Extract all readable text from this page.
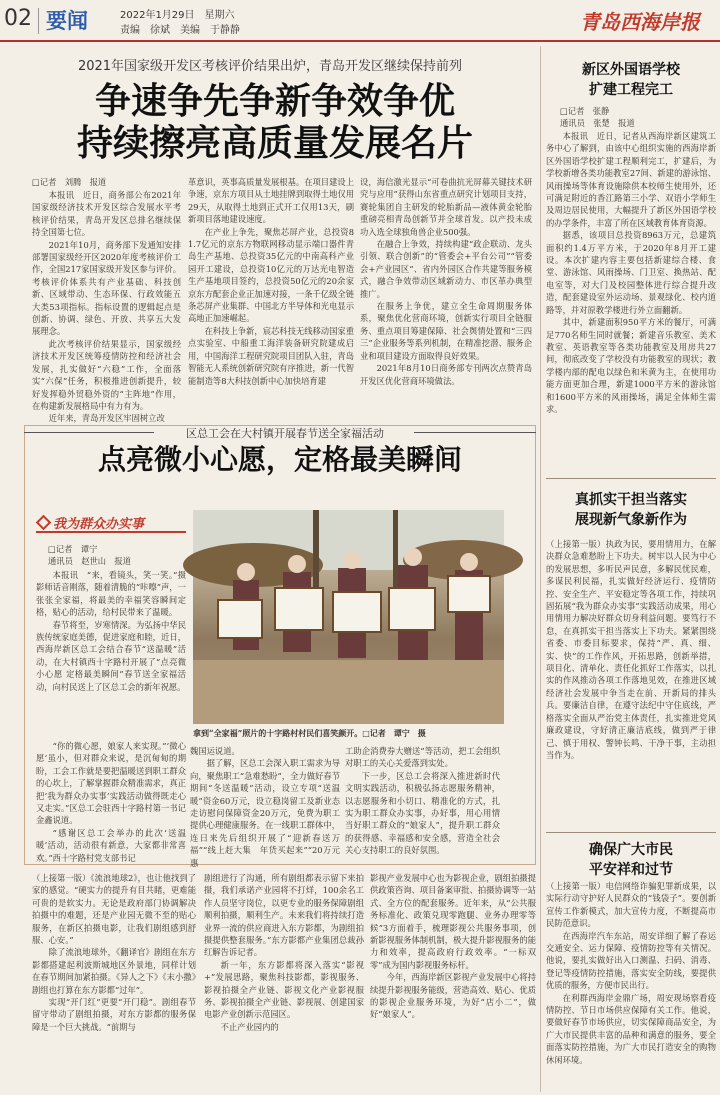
02 要闻	2022年1月29日　 星期六
责编　徐斌　美编　于静静	青岛西海岸报
2021年国家级开发区考核评价结果出炉，青岛开发区继续保持前列
争速争先争新争效争优
持续擦亮高质量发展名片
□记者　刘腾　报道

本报讯　近日，商务部公布2021年国家级经济技术开发区综合发展水平考核评价结果，青岛开发区总排名继续保持全国第七位。

2021年10月，商务部下发通知安排部署国家级经开区2020年度考核评价工作，全国217家国家级开发区参与评价。考核评价体系共有产业基础、科技创新、区域带动、生态环保、行政效能五大类53项指标。指标设置的逻辑起点是创新、协调、绿色、开放、共享五大发展理念。

此次考核评价结果显示，国家级经济技术开发区统筹疫情防控和经济社会发展，扎实做好“六稳”工作，全面落实“六保”任务，积极推进创新提升，较好发挥稳外贸稳外资的“主阵地”作用，在构建新发展格局中有力有为。

近年来，青岛开发区牢固树立改

革意识，英事高质量发展根基。在项目建设上争速，京东方项目从土地挂牌到取得土地仅用29天，从取得土地到正式开工仅用13天，刷新项目落地建设速度。

在产业上争先，聚焦芯屏产业，总投资81.7亿元的京东方物联网移动显示端口器件青岛生产基地、总投资35亿元的中南高科产业园开工建设，总投资10亿元的万达光电智造生产基地项目签约，总投资50亿元的20余家京东方配套企业正加速对接，一条千亿级全链条芯屏产业集群、中国北方半导体和光电显示高地正加速崛起。

在科技上争新，宸芯科技无线移动国家重点实验室、中船重工海洋装备研究院建成启用，中国海洋工程研究院项目团队入驻，青岛智能无人系统创新研究院有序推进，新一代智能制造等8大科技创新中心加快培育建

设，海信激光显示“可卷曲抗光屏幕关键技术研究与应用”获得山东省重点研究计划项目支持，赛轮集团自主研发的轮胎新品—液体黄金轮胎重磅亮相青岛创新节并全球首发。以产投未成功入选全球独角兽企业500强。

在融合上争效，持续构建“政企联动、龙头引领、联合创新”的“管委会+平台公司”“管委会+产业园区”、省内外园区合作共建等服务模式，融合争效带动区域新动力、市区革办典型推广。

在服务上争优，建立全生命周期服务体系，聚焦优化营商环境，创新实行项目全链服务、重点项目筹建保障、社会舆情处置和“三四三”企业服务等系列机制，在精准挖潜、服务企业和项目建设方面取得良好效果。

2021年8月10日商务部专刊两次点赞青岛开发区优化营商环境做法。

新区外国语学校
扩建工程完工
□记者　张静
通讯员　张楚　报道

本报讯　近日，记者从西海岸新区建筑工务中心了解到，由该中心组织实施的西海岸新区外国语学校扩建工程顺利完工，扩建后，为学校新增各类功能教室27间、新建的游泳馆、风雨操场等体育设施除供本校师生使用外，还可满足附近的香江路第三小学、双语小学师生及周边居民使用，大幅提升了新区外国语学校的办学条件，丰富了所在区域教育体育资源。

据悉，该项目总投资8963万元，总建筑面积约1.4万平方米，于2020年8月开工建设。本次扩建内容主要包括新建综合楼、食堂、游泳馆、风雨操场、门卫室、换热站、配电室等，对大门及校园整体进行综合提升改造，配套建设室外运动场、景观绿化、校内道路等，并对原教学楼进行外立面翻新。

其中，新建面积950平方米的餐厅，可满足770名师生同时就餐；新建音乐教室、美术教室、英语教室等各类功能教室及用房共27间，彻底改变了学校没有功能教室的现状；教学楼内部的配电以绿色和米黄为主，在使用功能方面更加合理，新建1000平方米的游泳馆和1600平方米的风雨操场，满足全体师生需求。

真抓实干担当落实
展现新气象新作为

（上接第一版）执政为民，要用情用力，在解决群众急难愁盼上下功夫。树牢以人民为中心的发展思想，多听民声民意，多解民忧民难，多谋民利民福，扎实做好经济运行、疫情防控、安全生产、平安稳定等各项工作，持续巩固拓展“我为群众办实事”实践活动成果，用心用情用力解决好群众切身利益问题。要笃行不怠，在真抓实干担当落实上下功夫。紧紧围绕省委、市委目标要求，保持“严、真、细、实、快”的工作作风，开拓思路，创新举措，项目化、清单化、责任化抓好工作落实，以扎实的作风推动各项工作落地见效，在推进区域经济社会发展中争当走在前、开新局的排头兵。要廉洁自律，在遵守法纪中守住底线，严格落实全面从严治党主体责任，扎实推进党风廉政建设，守好清正廉洁底线，做到严于律己、慎于用权、警钟长鸣、干净干事，主动担当作为。

确保广大市民
平安祥和过节

（上接第一版）电信网络诈骗犯罪新成果，以实际行动守护好人民群众的“钱袋子”。要创新宣传工作新模式，加大宣传力度，不断提高市民防范意识。

在西海岸汽车东站，周安详细了解了春运交通安全、运力保障、疫情防控等有关情况。他说，要扎实做好出入口测温、扫码、消毒、登记等疫情防控措施，落实安全防线，要提供优质的服务，方便市民出行。

在利群西海岸金鼎广场，周安现场察看疫情防控、节日市场供应保障有关工作。他说，要做好春节市场供应，切实保障商品安全，为广大市民提供丰富的品种和满意的服务，要全面落实防控措施，为广大市民打造安全的购物休闲环境。

区总工会在大村镇开展春节送全家福活动
点亮微小心愿，定格最美瞬间
我为群众办实事
□记者　谭宁
通讯员　赵世山　报道

本报讯　“来，看镜头，笑一笑。”摄影师话音刚落，随着清脆的“咔嚓”声，一张张全家福，将最美的幸福笑容瞬间定格，贴心的活动，给村民带来了温暖。

春节将至，岁寒情深。为弘扬中华民族传统家庭美德，促进家庭和睦，近日，西海岸新区总工会结合春节“送温暖”活动，在大村镇西十字路村开展了“点亮微小心愿 定格最美瞬间”春节送全家福活动，向村民送上了区总工会的新年祝愿。

拿到“全家福”照片的十字路村村民们喜笑颜开。□记者　谭宁　摄

“你的微心愿，娘家人来实现。”‘微心愿’虽小，但对群众来说，是沉甸甸的期盼，工会工作就是要把温暖送到职工群众的心坎上，了解掌握群众精准需求，真正把‘我为群众办实事’实践活动做得既走心又走实。”区总工会驻西十字路村第一书记金鑫说道。

“感谢区总工会举办的此次‘送温暖’活动，活动很有新意，大家都非常喜欢。”西十字路村党支部书记

魏国运说道。

据了解，区总工会深入职工需求为导向，聚焦职工“急难愁盼”，全力做好春节期间“冬送温暖”活动，设立专项“送温暖”资金60万元，设立稳岗留工及新业态走访慰问保障资金20万元，免费为职工提供心理健康服务。在一线职工群体中，连日来先后组织开展了“迎新春送万福”“线上赶大集　年货买起来”“20万元惠

工助企消费券大赠送”等活动，把工会组织对职工的关心关爱落到实处。

下一步，区总工会将深入推进新时代文明实践活动，积极弘扬志愿服务精神，以志愿服务和小切口、精准化的方式，扎实为职工群众办实事，办好事，用心用情当好职工群众的“娘家人”，提升职工群众的获得感、幸福感和安全感，营造全社会关心支持职工的良好氛围。

（上接第一版）《流浪地球2》，也让他找到了家的感觉。“硬实力的提升有目共睹，更难能可贵的是软实力。无论是政府部门协调解决拍摄中的难题，还是产业园无微不至的贴心服务，在新区拍摄电影，让我们剧组感到舒服、心安。”

除了流浪地球外，《翻译官》剧组在东方影都搭建起利波斯城地区外景地，同样计划在春节期间加紧拍摄。《异人之下》《末小撒》剧组也打算在东方影都“过年”。

实现“开门红”更要“开门稳”。剧组春节留守带动了剧组拍摄，对东方影都的服务保障是一个巨大挑战。“前期与

剧组进行了沟通，所有剧组都表示留下来拍摄，我们承诺产业园将不打烊，100余名工作人员坚守岗位，以更专业的服务保障剧组顺利拍摄，顺利生产。未来我们将持续打造业界一流的供应商进入东方影都，为剧组拍摄提供整套服务。”东方影都产业集团总裁孙红解告诉记者。

新一年，东方影都将深入落实“影视+”发展思路，聚焦科技影都，影视服务、影视拍摄全产业链、影视文化产业影视服务、影视拍摄全产业链、影视展、创建国家电影产业创新示范园区。

不止产业园内的

影视产业发展中心也为影视企业，剧组拍摄提供政策咨询、项目备案审批、拍摄协调等一站式、全方位的配套服务。近年来，从“公共服务标准化、政策兑现零跑腿、业务办理零等候”3方面着手，梳理影视公共服务事项，创新影视服务体制机制，极大提升影视服务的能力和效率，提高政府行政效率。“一标双零”成为国内影视服务标杆。

今年，西海岸新区影视产业发展中心将持续提升影视服务能级，营造高效、贴心、优质的影视企业服务环境，为好“店小二”，做好“娘家人”。
